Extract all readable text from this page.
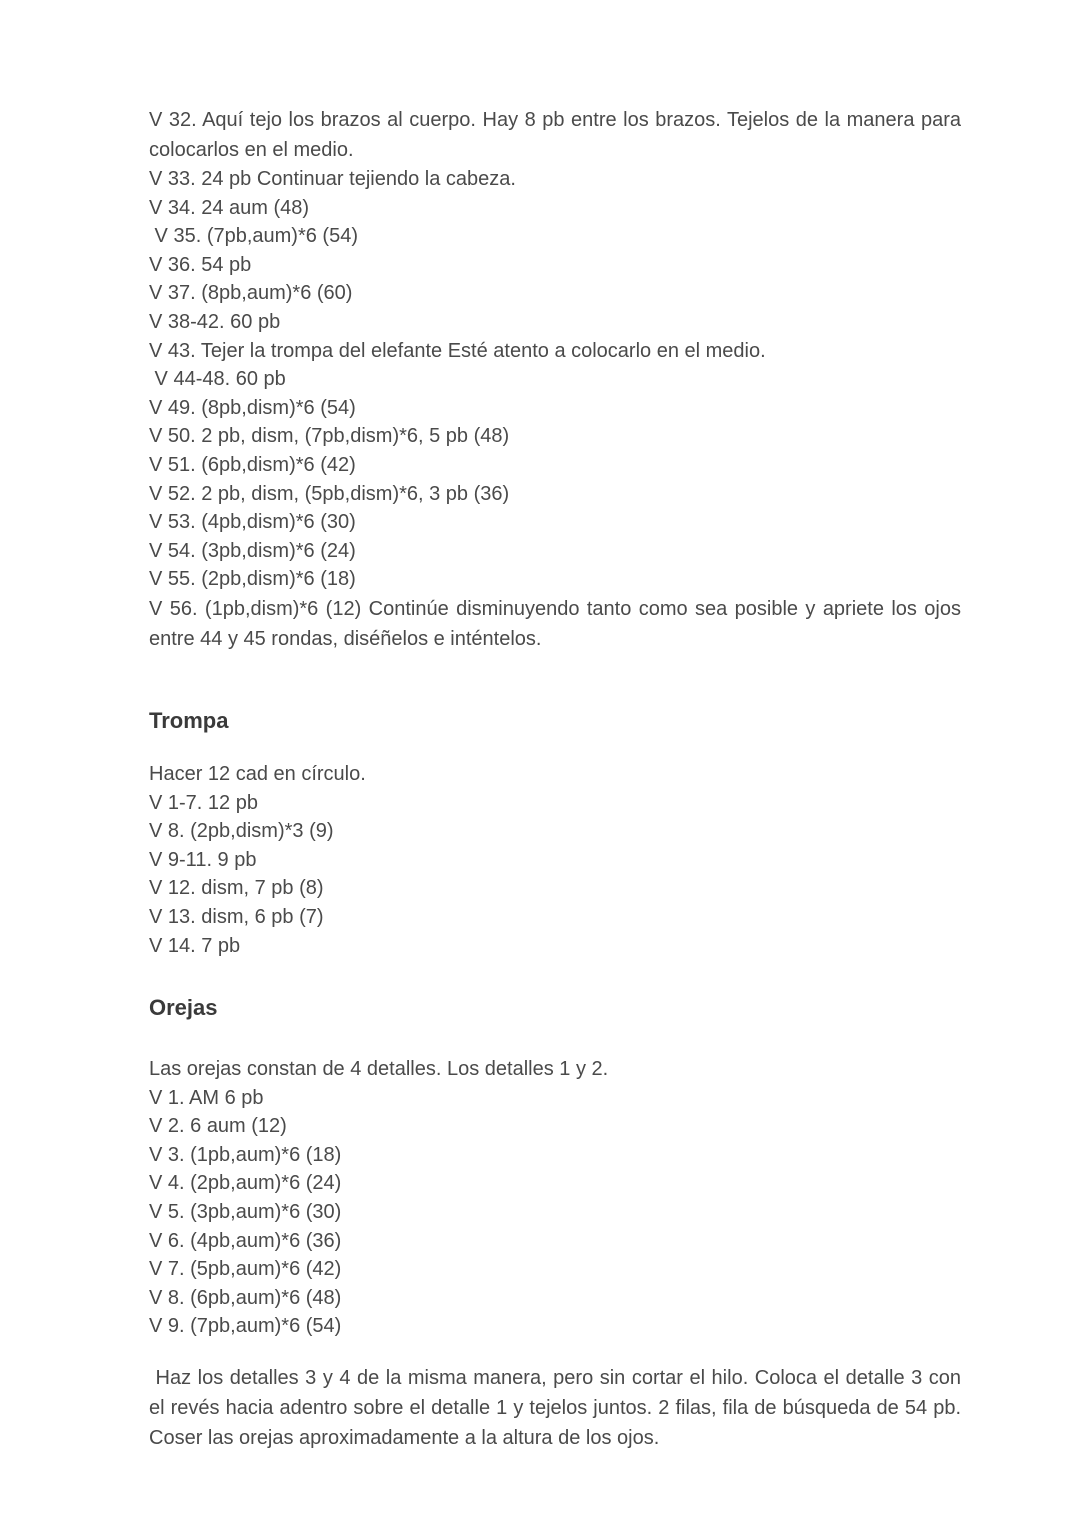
V 32. Aquí tejo los brazos al cuerpo. Hay 8 pb entre los brazos. Tejelos de la manera para colocarlos en el medio.

V 33. 24 pb Continuar tejiendo la cabeza.

V 34. 24 aum (48)

V 35. (7pb,aum)*6 (54)

V 36. 54 pb

V 37. (8pb,aum)*6 (60)

V 38-42. 60 pb

V 43. Tejer la trompa del elefante Esté atento a colocarlo en el medio.

V 44-48. 60 pb

V 49. (8pb,dism)*6 (54)

V 50. 2 pb, dism, (7pb,dism)*6, 5 pb (48)

V 51. (6pb,dism)*6 (42)

V 52. 2 pb, dism, (5pb,dism)*6, 3 pb (36)

V 53. (4pb,dism)*6 (30)

V 54. (3pb,dism)*6 (24)

V 55. (2pb,dism)*6 (18)

V 56. (1pb,dism)*6 (12) Continúe disminuyendo tanto como sea posible y apriete los ojos entre 44 y 45 rondas, diséñelos e inténtelos.

Trompa

Hacer 12 cad en círculo.

V 1-7. 12 pb

V 8. (2pb,dism)*3 (9)

V 9-11. 9 pb

V 12. dism, 7 pb (8)

V 13. dism, 6 pb (7)

V 14. 7 pb

Orejas

Las orejas constan de 4 detalles. Los detalles 1 y 2.

V 1. AM 6 pb

V 2. 6 aum (12)

V 3. (1pb,aum)*6 (18)

V 4. (2pb,aum)*6 (24)

V 5. (3pb,aum)*6 (30)

V 6. (4pb,aum)*6 (36)

V 7. (5pb,aum)*6 (42)

V 8. (6pb,aum)*6 (48)

V 9. (7pb,aum)*6 (54)

Haz los detalles 3 y 4 de la misma manera, pero sin cortar el hilo. Coloca el detalle 3 con el revés hacia adentro sobre el detalle 1 y tejelos juntos. 2 filas, fila de búsqueda de 54 pb. Coser las orejas aproximadamente a la altura de los ojos.
